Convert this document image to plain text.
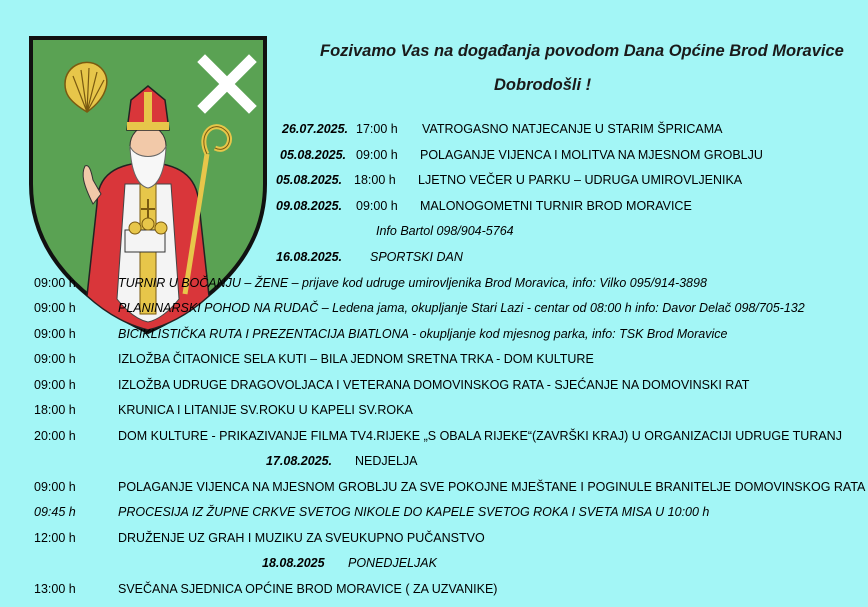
Fozivamo Vas na događanja povodom Dana Općine Brod Moravice
Dobrodošli !
26.07.2025. 17:00 h VATROGASNO NATJECANJE U STARIM ŠPRICAMA
05.08.2025. 09:00 h POLAGANJE VIJENCA I MOLITVA NA MJESNOM GROBLJU
05.08.2025. 18:00 h LJETNO VEČER U PARKU – UDRUGA UMIROVLJENIKA
09.08.2025. 09:00 h MALONOGOMETNI TURNIR BROD MORAVICE
Info Bartol 098/904-5764
16.08.2025. SPORTSKI DAN
09:00 h	TURNIR U BOČANJU – ŽENE – prijave kod udruge umirovljenika Brod Moravica, info: Vilko 095/914-3898
09:00 h	PLANINARSKI POHOD NA RUDAČ – Ledena jama, okupljanje Stari Lazi - centar od 08:00 h info: Davor Delač 098/705-132
09:00 h	BICIKLISTIČKA RUTA I PREZENTACIJA BIATLONA - okupljanje kod mjesnog parka, info: TSK Brod Moravice
09:00 h	IZLOŽBA ČITAONICE SELA KUTI – BILA JEDNOM SRETNA TRKA - DOM KULTURE
09:00 h	IZLOŽBA UDRUGE DRAGOVOLJACA I VETERANA DOMOVINSKOG RATA - SJEĆANJE NA DOMOVINSKI RAT
18:00 h	KRUNICA I LITANIJE SV.ROKU U KAPELI SV.ROKA
20:00 h	DOM KULTURE - PRIKAZIVANJE FILMA TV4.RIJEKE „S OBALA RIJEKE“(ZAVRŠKI KRAJ) U ORGANIZACIJI UDRUGE TURANJ
17.08.2025. NEDJELJA
09:00 h	POLAGANJE VIJENCA NA MJESNOM GROBLJU ZA SVE POKOJNE MJEŠTANE I POGINULE BRANITELJE DOMOVINSKOG RATA
09:45 h	PROCESIJA IZ ŽUPNE CRKVE SVETOG NIKOLE DO KAPELE SVETOG ROKA I SVETA MISA U 10:00 h
12:00 h	DRUŽENJE UZ GRAH I MUZIKU ZA SVEUKUPNO PUČANSTVO
18.08.2025 PONEDJELJAK
13:00 h	SVEČANA SJEDNICA OPĆINE BROD MORAVICE ( ZA UZVANIKE)
